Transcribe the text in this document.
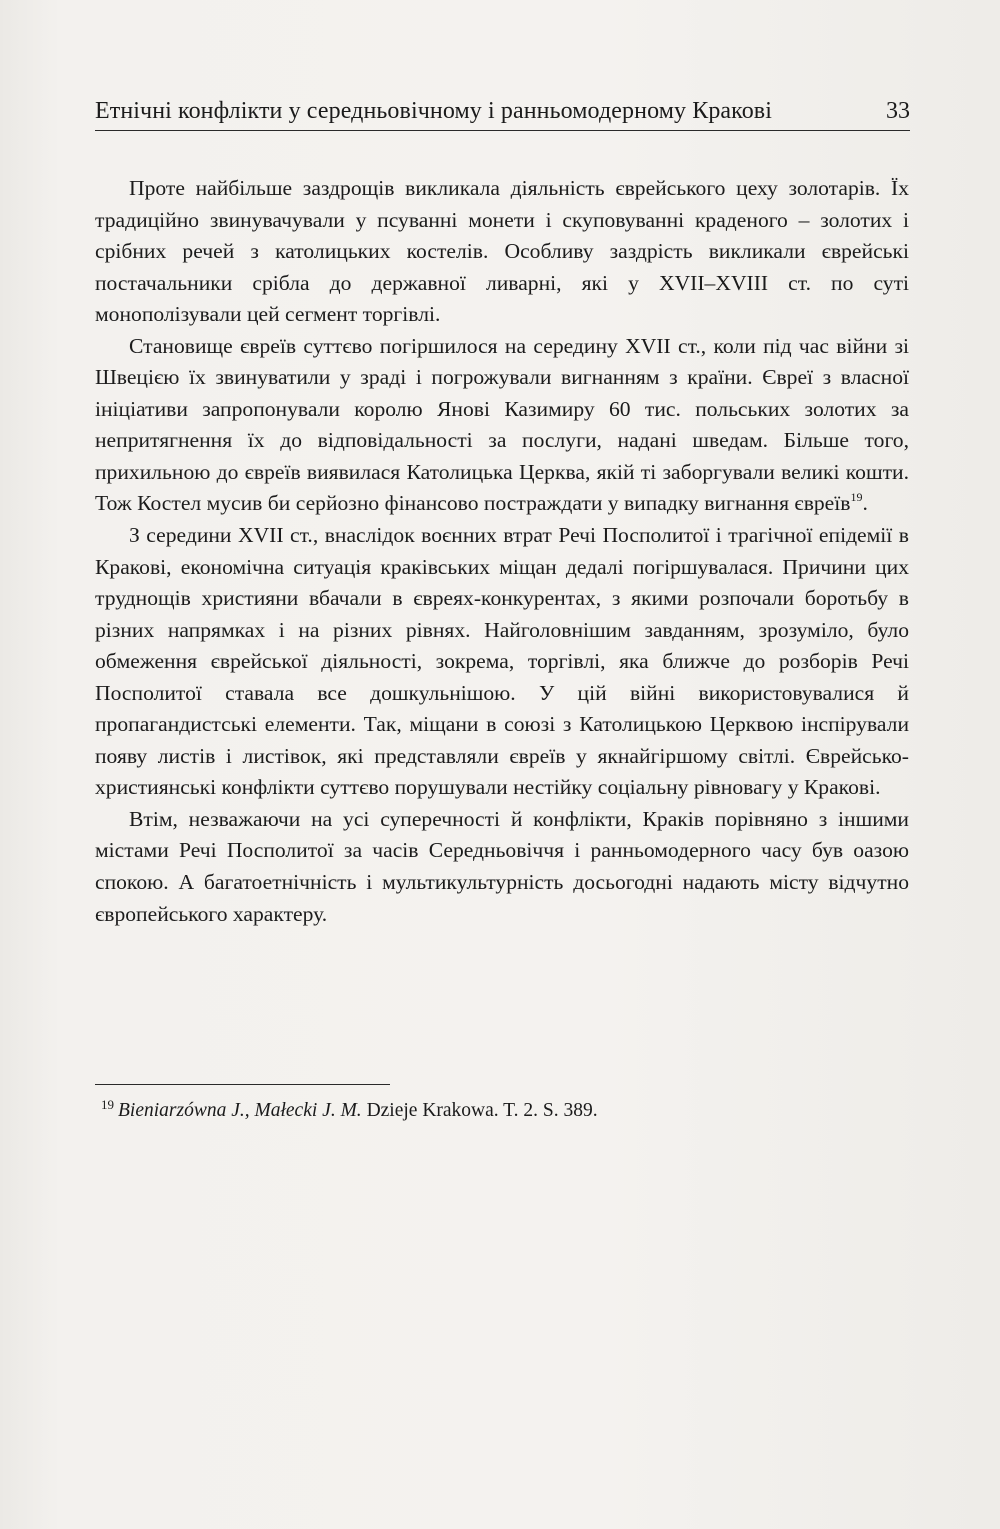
Етнічні конфлікти у середньовічному і ранньомодерному Кракові	33

Проте найбільше заздрощів викликала діяльність єврейського цеху золотарів. Їх традиційно звинувачували у псуванні монети і скуповуванні краденого – золотих і срібних речей з католицьких костелів. Особливу заздрість викликали єврейські постачальники срібла до державної ливарні, які у XVII–XVIII ст. по суті монополізували цей сегмент торгівлі.

Становище євреїв суттєво погіршилося на середину XVII ст., коли під час війни зі Швецією їх звинуватили у зраді і погрожували вигнанням з країни. Євреї з власної ініціативи запропонували королю Янові Казимиру 60 тис. польських золотих за непритягнення їх до відповідальності за послуги, надані шведам. Більше того, прихильною до євреїв виявилася Католицька Церква, якій ті заборгували великі кошти. Тож Костел мусив би серйозно фінансово постраждати у випадку вигнання євреїв$^{19}$.

З середини XVII ст., внаслідок воєнних втрат Речі Посполитої і трагічної епідемії в Кракові, економічна ситуація краківських міщан дедалі погіршувалася. Причини цих труднощів християни вбачали в євреях-конкурентах, з якими розпочали боротьбу в різних напрямках і на різних рівнях. Найголовнішим завданням, зрозуміло, було обмеження єврейської діяльності, зокрема, торгівлі, яка ближче до розборів Речі Посполитої ставала все дошкульнішою. У цій війні використовувалися й пропагандистські елементи. Так, міщани в союзі з Католицькою Церквою інспірували появу листів і листівок, які представляли євреїв у якнайгіршому світлі. Єврейсько-християнські конфлікти суттєво порушували нестійку соціальну рівновагу у Кракові.

Втім, незважаючи на усі суперечності й конфлікти, Краків порівняно з іншими містами Речі Посполитої за часів Середньовіччя і ранньомодерного часу був оазою спокою. А багатоетнічність і мультикультурність досьогодні надають місту відчутно європейського характеру.

$^{19}$ Bieniarzówna J., Małecki J. M. Dzieje Krakowa. T. 2. S. 389.
